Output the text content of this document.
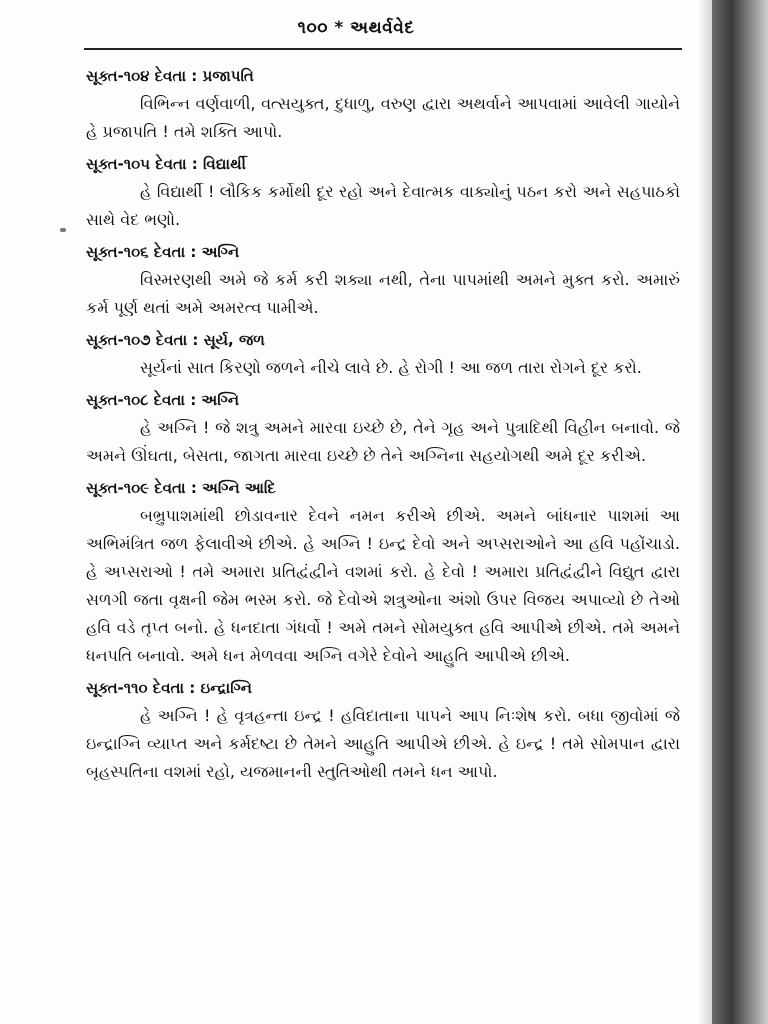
૧૦૦ * અથર્વવેદ
સૂક્ત-૧૦૪ દેવતા : પ્રજાપતિ

વિભિન્ન વર્ણવાળી, વત્સયુક્ત, દુધાળુ, વરુણ દ્વારા અથર્વાને આપવામાં આવેલી ગાયોને હે પ્રજાપતિ ! તમે શક્તિ આપો.

સૂક્ત-૧૦૫ દેવતા : વિદ્યાર્થી

હે વિદ્યાર્થી ! લૌકિક કર્મોથી દૂર રહો અને દેવાત્મક વાક્યોનું પઠન કરો અને સહપાઠકો સાથે વેદ ભણો.

સૂક્ત-૧૦૬ દેવતા : અગ્નિ

વિસ્મરણથી અમે જે કર્મ કરી શક્યા નથી, તેના પાપમાંથી અમને મુક્ત કરો. અમારું કર્મ પૂર્ણ થતાં અમે અમરત્વ પામીએ.

સૂક્ત-૧૦૭ દેવતા : સૂર્ય, જળ

સૂર્યનાં સાત કિરણો જળને નીચે લાવે છે. હે રોગી ! આ જળ તારા રોગને દૂર કરો.

સૂક્ત-૧૦૮ દેવતા : અગ્નિ

હે અગ્નિ ! જે શત્રુ અમને મારવા ઇચ્છે છે, તેને ગૃહ અને પુત્રાદિથી વિહીન બનાવો. જે અમને ઊંઘતા, બેસતા, જાગતા મારવા ઇચ્છે છે તેને અગ્નિના સહયોગથી અમે દૂર કરીએ.

સૂક્ત-૧૦૯ દેવતા : અગ્નિ આદિ

બભ્રુપાશમાંથી છોડાવનાર દેવને નમન કરીએ છીએ. અમને બાંધનાર પાશમાં આ અભિમંત્રિત જળ ફેલાવીએ છીએ. હે અગ્નિ ! ઇન્દ્ર દેવો અને અપ્સરાઓને આ હવિ પહોંચાડો. હે અપ્સરાઓ ! તમે અમારા પ્રતિદ્વંદ્વીને વશમાં કરો. હે દેવો ! અમારા પ્રતિદ્વંદ્વીને વિદ્યુત દ્વારા સળગી જતા વૃક્ષની જેમ ભસ્મ કરો. જે દેવોએ શત્રુઓના અંશો ઉપર વિજય અપાવ્યો છે તેઓ હવિ વડે તૃપ્ત બનો. હે ધનદાતા ગંધર્વો ! અમે તમને સોમયુક્ત હવિ આપીએ છીએ. તમે અમને ધનપતિ બનાવો. અમે ધન મેળવવા અગ્નિ વગેરે દેવોને આહુતિ આપીએ છીએ.

સૂક્ત-૧૧૦ દેવતા : ઇન્દ્રાગ્નિ

હે અગ્નિ ! હે વૃત્રહન્તા ઇન્દ્ર ! હવિદાતાના પાપને આપ નિઃશેષ કરો. બધા જીવોમાં જે ઇન્દ્રાગ્નિ વ્યાપ્ત અને કર્મદષ્ટા છે તેમને આહુતિ આપીએ છીએ. હે ઇન્દ્ર ! તમે સોમપાન દ્વારા બૃહસ્પતિના વશમાં રહો, યજમાનની સ્તુતિઓથી તમને ધન આપો.
